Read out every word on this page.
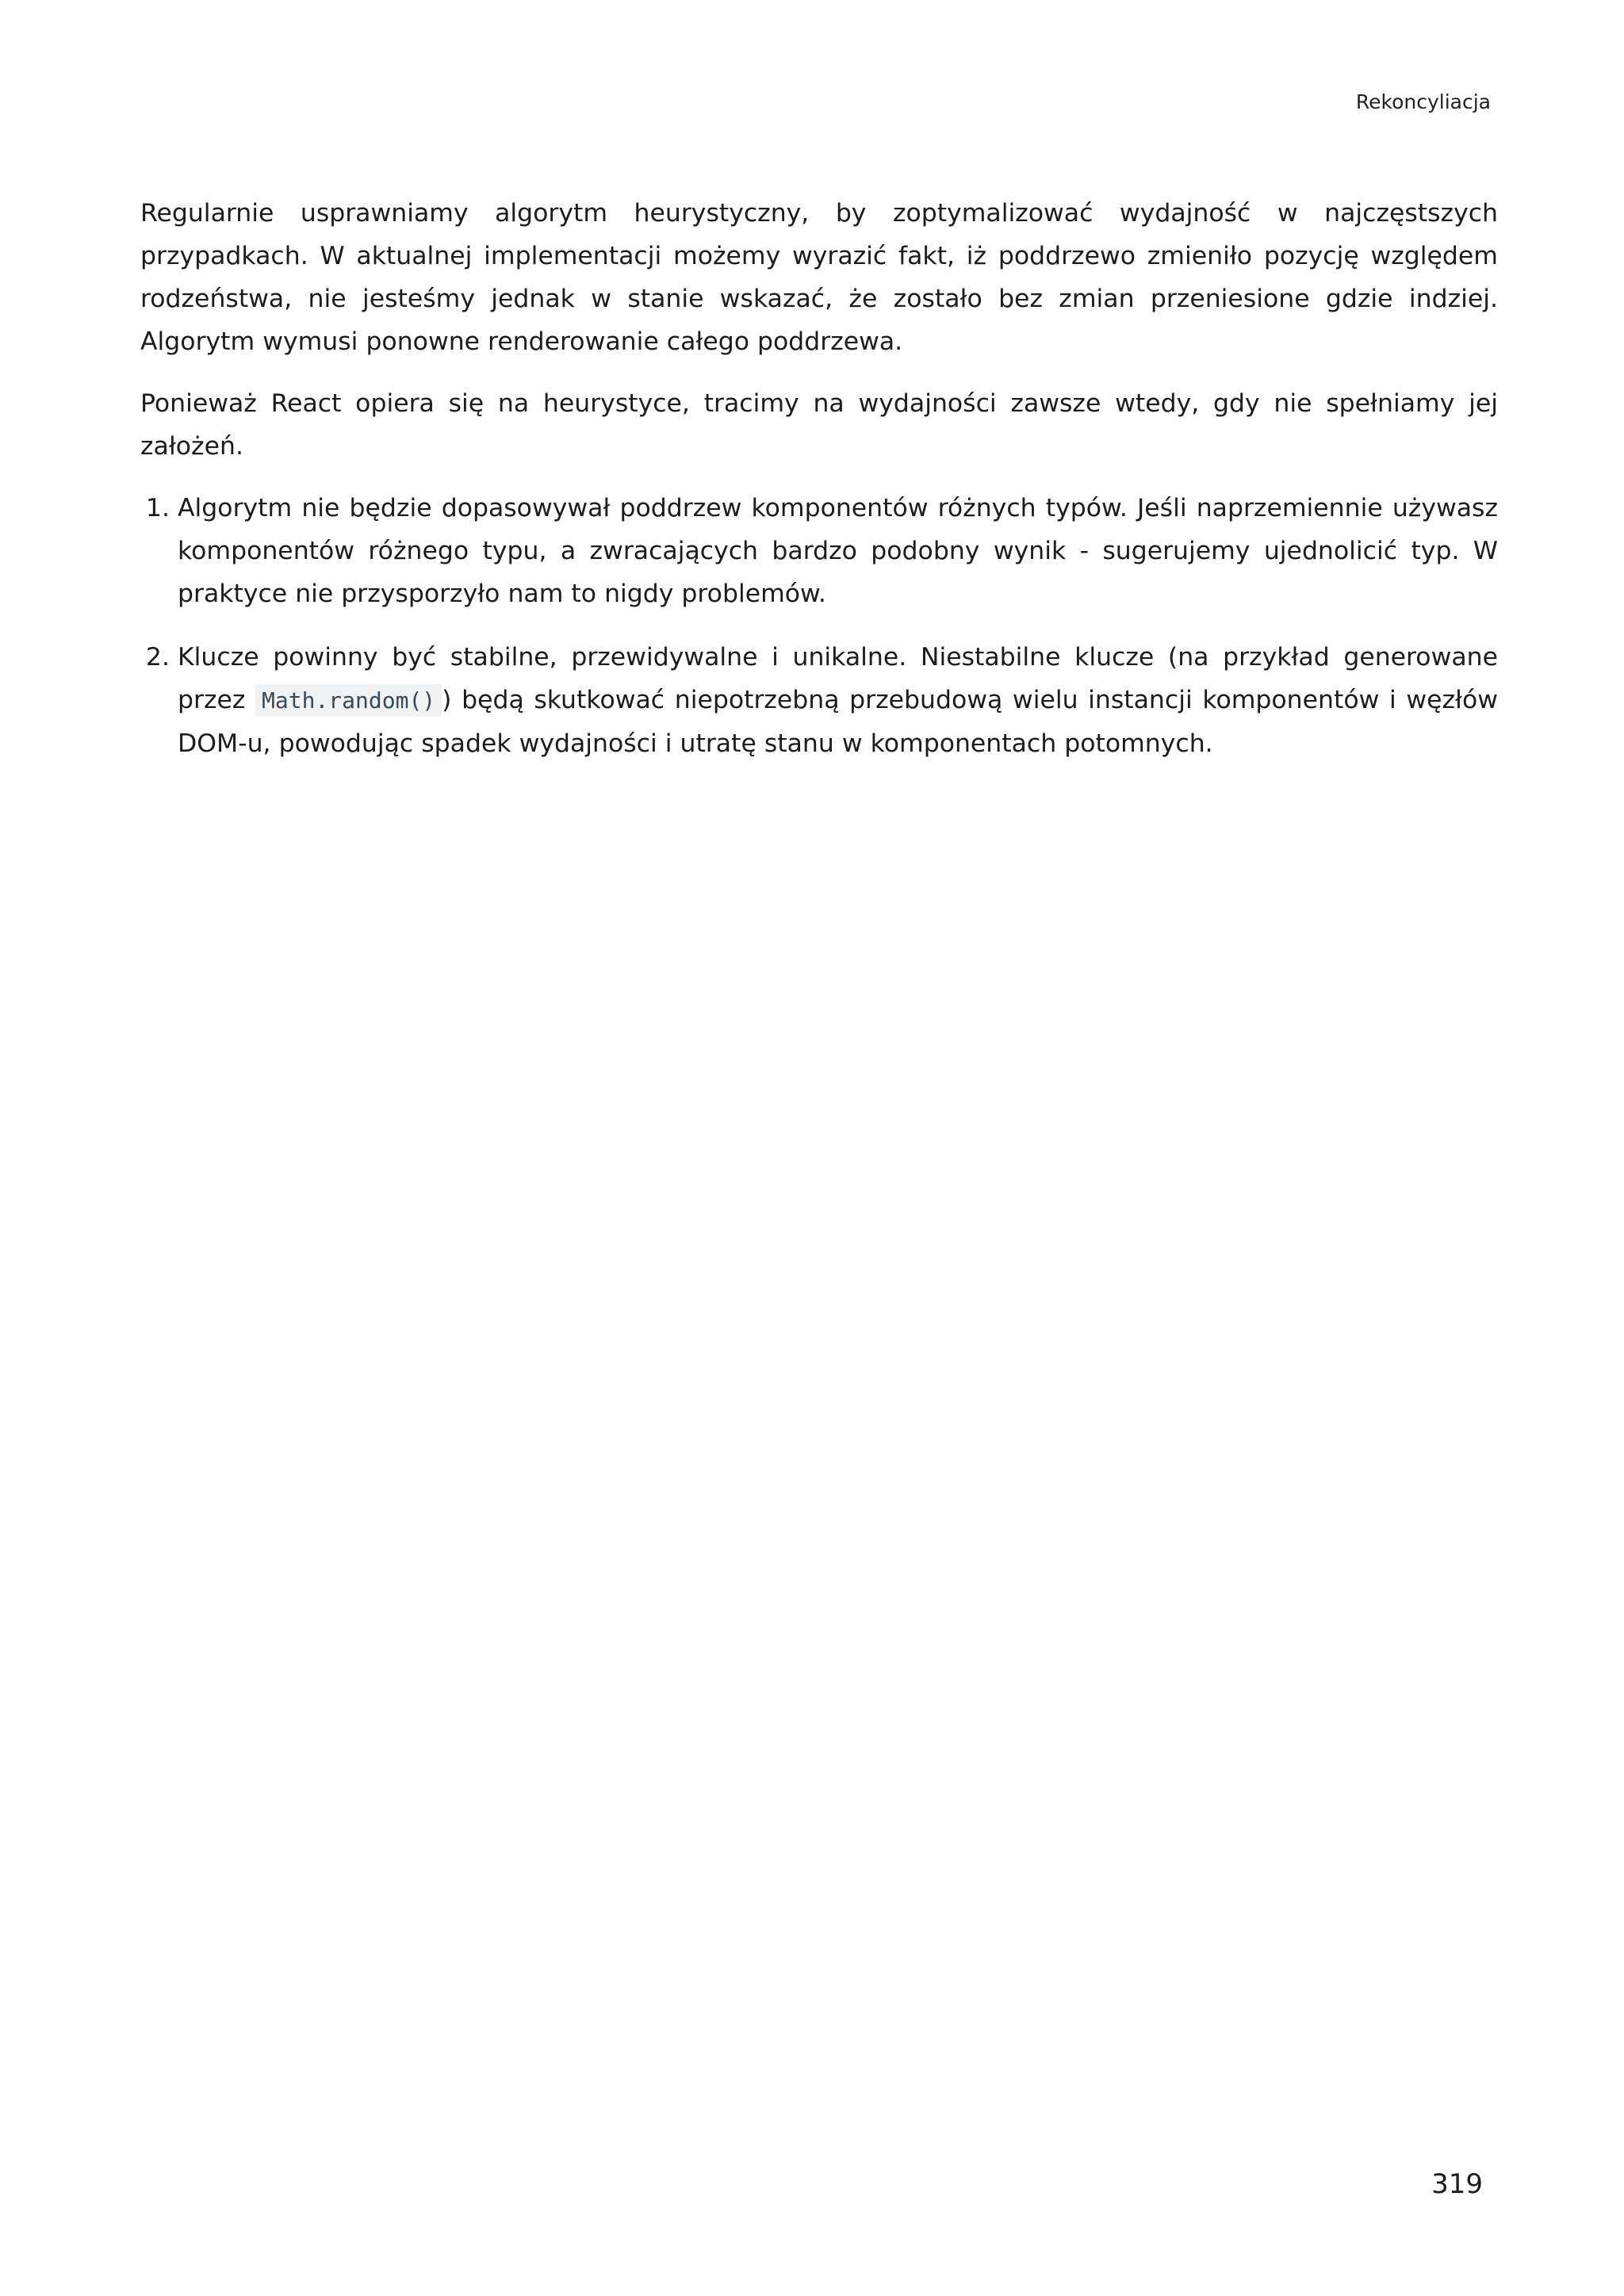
Rekoncyliacja

Regularnie usprawniamy algorytm heurystyczny, by zoptymalizować wydajność w najczęstszych przypadkach. W aktualnej implementacji możemy wyrazić fakt, iż poddrzewo zmieniło pozycję względem rodzeństwa, nie jesteśmy jednak w stanie wskazać, że zostało bez zmian przeniesione gdzie indziej. Algorytm wymusi ponowne renderowanie całego poddrzewa.

Ponieważ React opiera się na heurystyce, tracimy na wydajności zawsze wtedy, gdy nie spełniamy jej założeń.

1. Algorytm nie będzie dopasowywał poddrzew komponentów różnych typów. Jeśli naprzemiennie używasz komponentów różnego typu, a zwracających bardzo podobny wynik - sugerujemy ujednolicić typ. W praktyce nie przysporzyło nam to nigdy problemów.
2. Klucze powinny być stabilne, przewidywalne i unikalne. Niestabilne klucze (na przykład generowane przez Math.random() ) będą skutkować niepotrzebną przebudową wielu instancji komponentów i węzłów DOM-u, powodując spadek wydajności i utratę stanu w komponentach potomnych.
319
